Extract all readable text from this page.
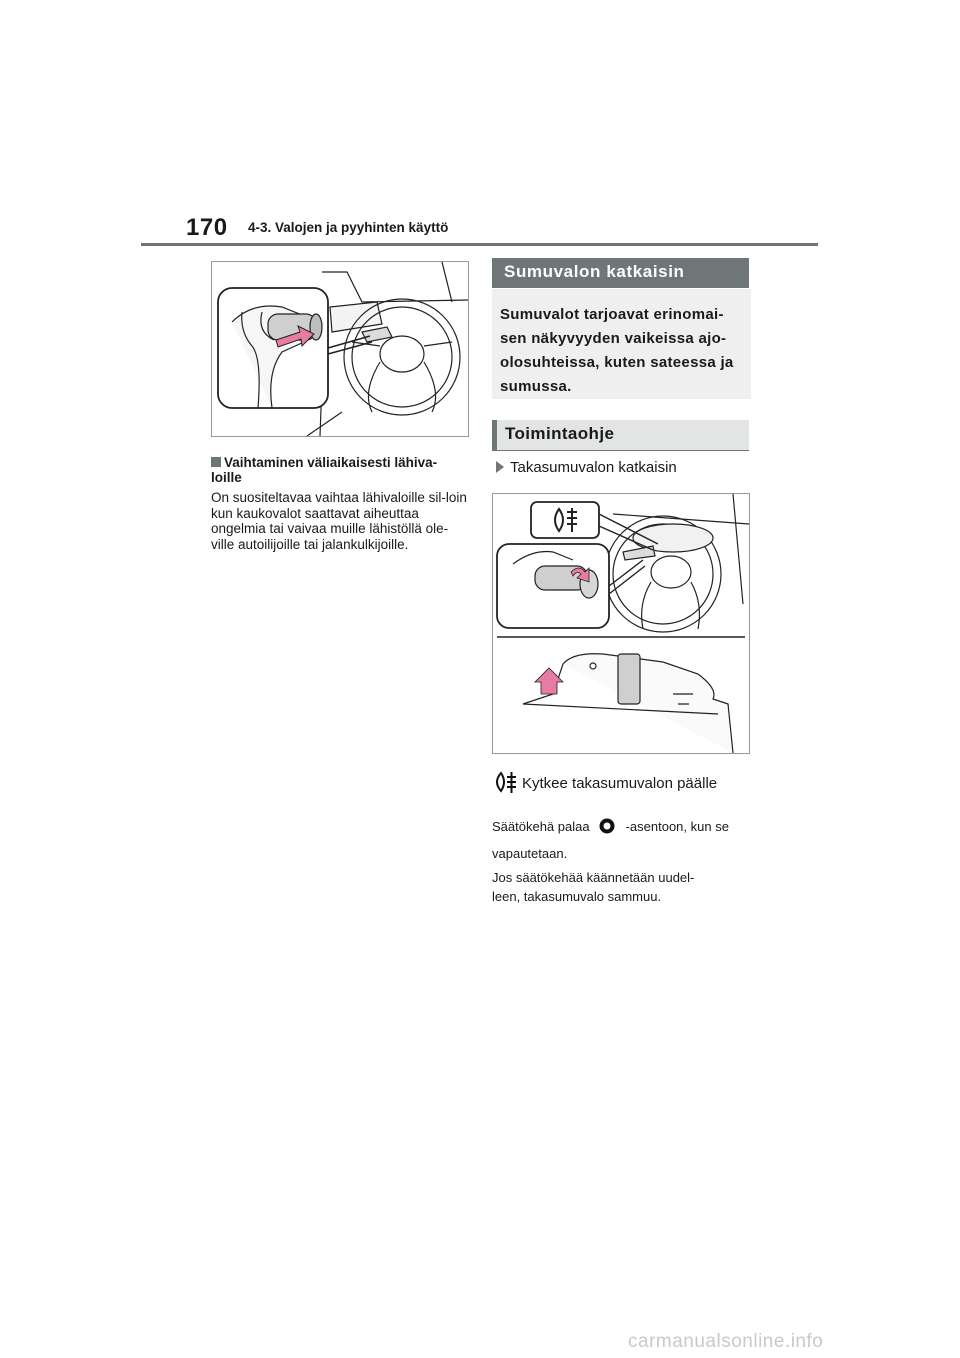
170 4-3. Valojen ja pyyhinten käyttö
Vaihtaminen väliaikaisesti lähiva-loille
On suositeltavaa vaihtaa lähivaloille sil-loin kun kaukovalot saattavat aiheuttaa ongelmia tai vaivaa muille lähistöllä ole-ville autoilijoille tai jalankulkijoille.
Sumuvalon katkaisin
Sumuvalot tarjoavat erinomai-sen näkyvyyden vaikeissa ajo-olosuhteissa, kuten sateessa ja sumussa.
Toimintaohje
Takasumuvalon katkaisin
Kytkee takasumuvalon päälle
Säätökehä palaa	-asentoon, kun se
vapautetaan.
Jos säätökehää käännetään uudel-
leen, takasumuvalo sammuu.
carmanualsonline.info
